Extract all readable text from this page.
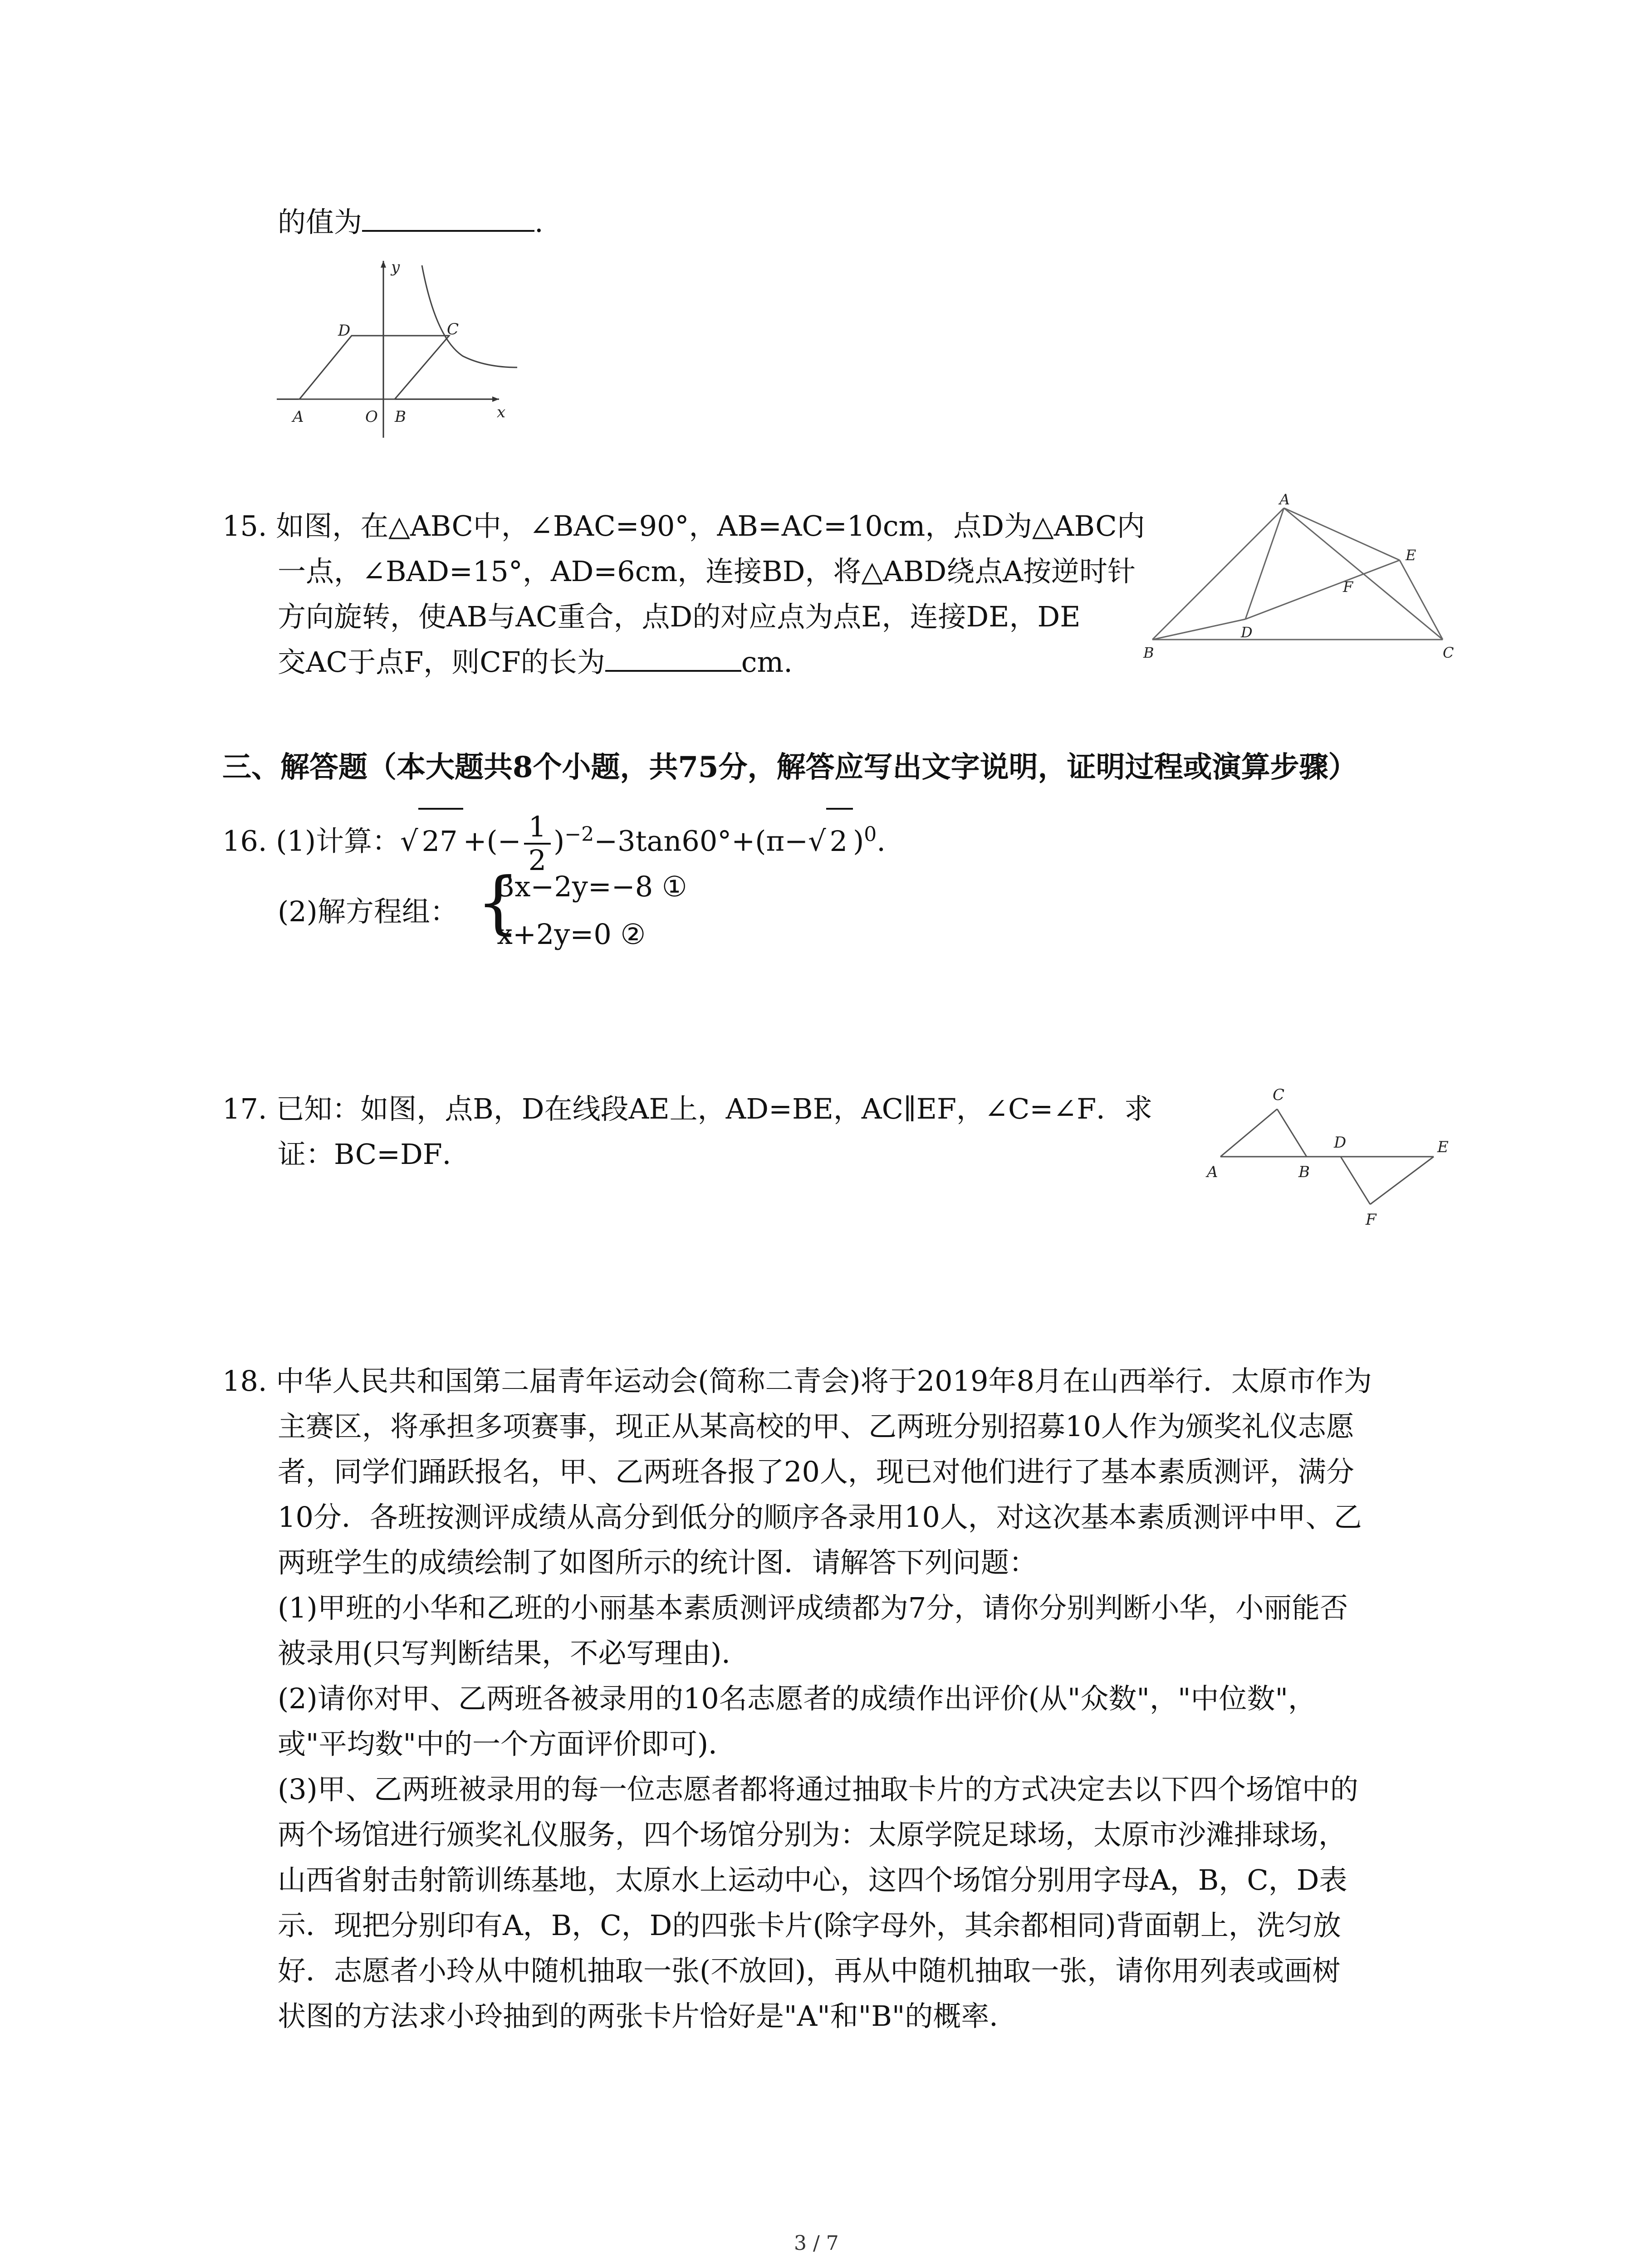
的值为	.
y
x
A	O B
D	C
15. 如图，在△ABC中，∠BAC=90°，AB=AC=10cm，点D为△ABC内
一点，∠BAD=15°，AD=6cm，连接BD，将△ABD绕点A按逆时针
方向旋转，使AB与AC重合，点D的对应点为点E，连接DE，DE
交AC于点F，则CF的长为	cm.
A
E
F
D
B	C
三、解答题（本大题共8个小题，共75分，解答应写出文字说明，证明过程或演算步骤）
16. (1)计算：√ 27 +(− $\frac{1}{2} )^{-2}-3\tan 60^\circ+(\pi-√$ 2 )$^0$.
(2)解方程组： {
3x−2y=−8 ①
x+2y=0 ②
17. 已知：如图，点B，D在线段AE上，AD=BE，AC∥EF，∠C=∠F．求
证：BC=DF．
C
A	B
D	E
F
18. 中华人民共和国第二届青年运动会(简称二青会)将于2019年8月在山西举行．太原市作为
主赛区，将承担多项赛事，现正从某高校的甲、乙两班分别招募10人作为颁奖礼仪志愿
者，同学们踊跃报名，甲、乙两班各报了20人，现已对他们进行了基本素质测评，满分
10分．各班按测评成绩从高分到低分的顺序各录用10人，对这次基本素质测评中甲、乙
两班学生的成绩绘制了如图所示的统计图．请解答下列问题：
(1)甲班的小华和乙班的小丽基本素质测评成绩都为7分，请你分别判断小华，小丽能否
被录用(只写判断结果，不必写理由)．
(2)请你对甲、乙两班各被录用的10名志愿者的成绩作出评价(从"众数"，"中位数"，
或"平均数"中的一个方面评价即可)．
(3)甲、乙两班被录用的每一位志愿者都将通过抽取卡片的方式决定去以下四个场馆中的
两个场馆进行颁奖礼仪服务，四个场馆分别为：太原学院足球场，太原市沙滩排球场，
山西省射击射箭训练基地，太原水上运动中心，这四个场馆分别用字母A，B，C，D表
示．现把分别印有A，B，C，D的四张卡片(除字母外，其余都相同)背面朝上，洗匀放
好．志愿者小玲从中随机抽取一张(不放回)，再从中随机抽取一张，请你用列表或画树
状图的方法求小玲抽到的两张卡片恰好是"A"和"B"的概率．
3 / 7
